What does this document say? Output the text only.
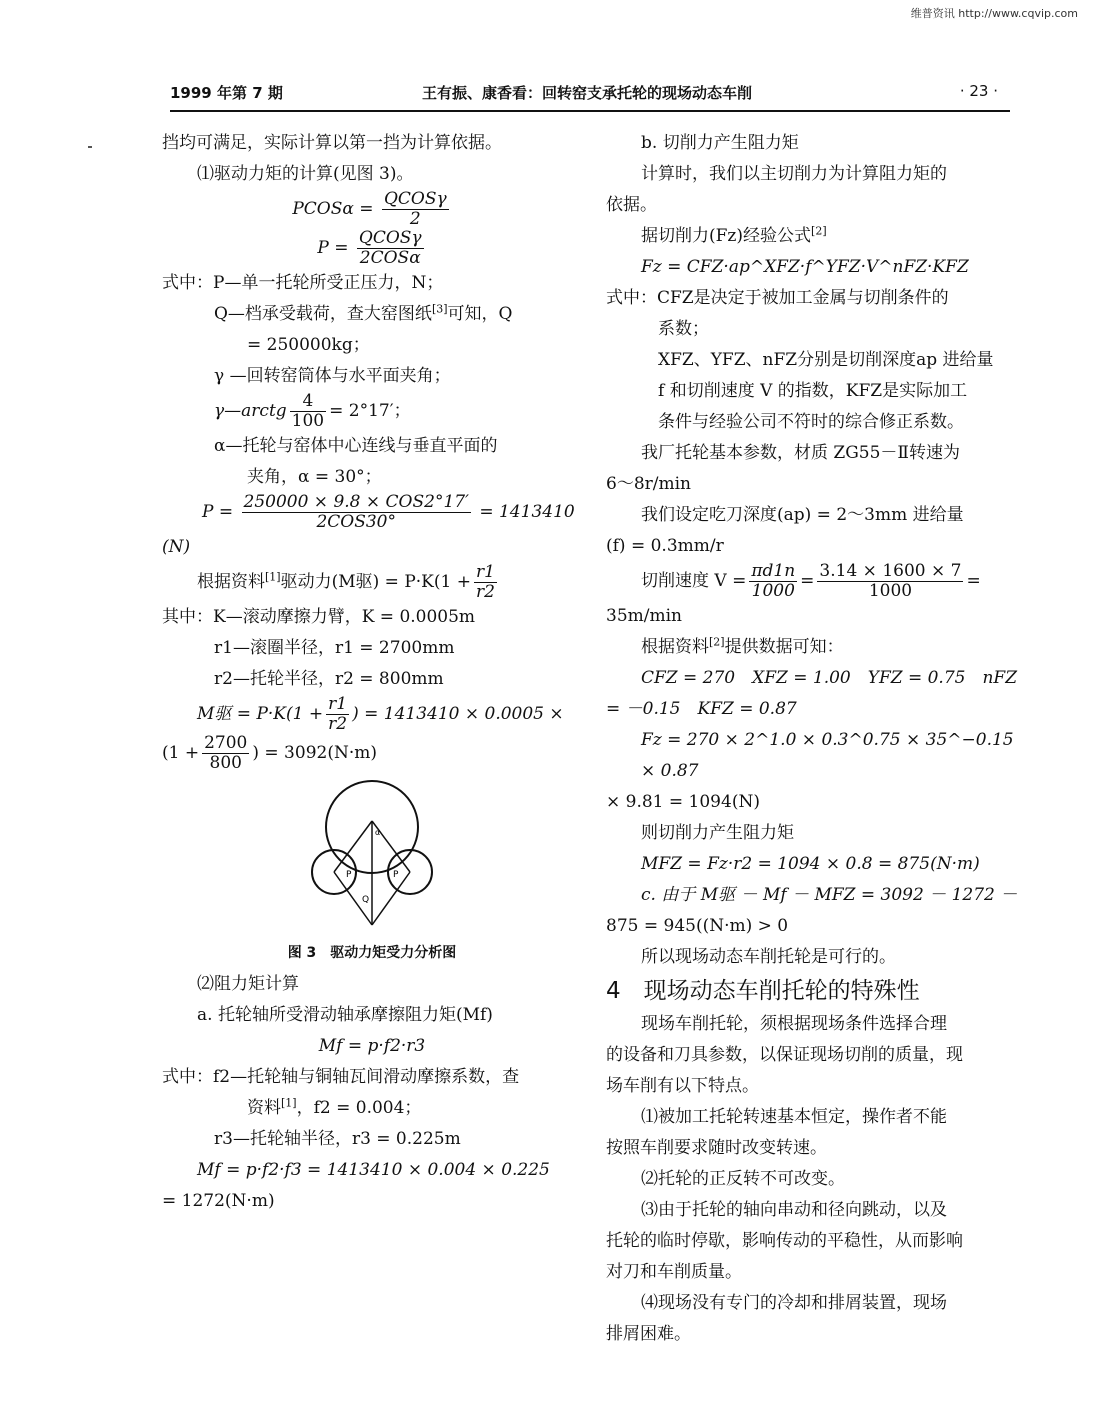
维普资讯 http://www.cqvip.com
1999 年第 7 期	王有振、康香看：回转窑支承托轮的现场动态车削	· 23 ·

挡均可满足，实际计算以第一挡为计算依据。

⑴驱动力矩的计算(见图 3)。

PCOSα = $\frac{\text{QCOSγ}}{2}$

$P = \frac{\text{QCOSγ}}{\text{2COSα}}$

式中：P—单一托轮所受正压力，N；

Q—档承受载荷，查大窑图纸[3]可知，Q

= 250000kg；

γ —回转窑筒体与水平面夹角；

γ—arctg $\frac{4}{100} = 2^\circ 17'$；

α—托轮与窑体中心连线与垂直平面的

夹角，α = 30°；

$P = \frac{\text{250000 × 9.8 × COS2°17′}}{\text{2COS30°}} = 1413410$

(N)

根据资料[1]驱动力(M驱) = $P\cdot K(1 + \frac{r1}{r2}$

其中：K—滚动摩擦力臂，K = 0.0005m

r1—滚圈半径，r1 = 2700mm

r2—托轮半径，r2 = 800mm

M驱 = $P\cdot K(1 + \frac{r1}{r2}$ ) = 1413410 × 0.0005 ×

($1 + \frac{2700}{800}$ ) = 3092(N·m)

P	P
α
Q

图 3　驱动力矩受力分析图

⑵阻力矩计算

a. 托轮轴所受滑动轴承摩擦阻力矩(Mf)

Mf = p·f2·r3

式中：f2—托轮轴与铜轴瓦间滑动摩擦系数，查

资料[1]，f2 = 0.004；

r3—托轮轴半径，r3 = 0.225m

Mf = p·f2·f3 = 1413410 × 0.004 × 0.225

= 1272(N·m)

b. 切削力产生阻力矩

计算时，我们以主切削力为计算阻力矩的

依据。

据切削力(Fz)经验公式[2]

Fz = CFZ·ap^XFZ·f^YFZ·V^nFZ·KFZ

式中：CFZ是决定于被加工金属与切削条件的

系数；

XFZ、YFZ、nFZ分别是切削深度ap 进给量

f 和切削速度 V 的指数，KFZ是实际加工

条件与经验公司不符时的综合修正系数。

我厂托轮基本参数，材质 ZG55－Ⅱ转速为

6～8r/min

我们设定吃刀深度(ap) = 2～3mm 进给量

(f) = 0.3mm/r

切削速度 $V = \frac{\pi d1n}{1000} = \frac{3.14 \times 1600 \times 7}{1000}$ =

35m/min

根据资料[2]提供数据可知：

CFZ = 270　XFZ = 1.00　YFZ = 0.75　nFZ

= －0.15　KFZ = 0.87

Fz = 270 × 2^1.0 × 0.3^0.75 × 35^−0.15 × 0.87

× 9.81 = 1094(N)

则切削力产生阻力矩

MFZ = Fz·r2 = 1094 × 0.8 = 875(N·m)

c. 由于 M驱 － Mf － MFZ = 3092 － 1272 －

875 = 945((N·m) > 0

所以现场动态车削托轮是可行的。

4　现场动态车削托轮的特殊性

现场车削托轮，须根据现场条件选择合理

的设备和刀具参数，以保证现场切削的质量，现

场车削有以下特点。

⑴被加工托轮转速基本恒定，操作者不能

按照车削要求随时改变转速。

⑵托轮的正反转不可改变。

⑶由于托轮的轴向串动和径向跳动，以及

托轮的临时停歇，影响传动的平稳性，从而影响

对刀和车削质量。

⑷现场没有专门的冷却和排屑装置，现场

排屑困难。
